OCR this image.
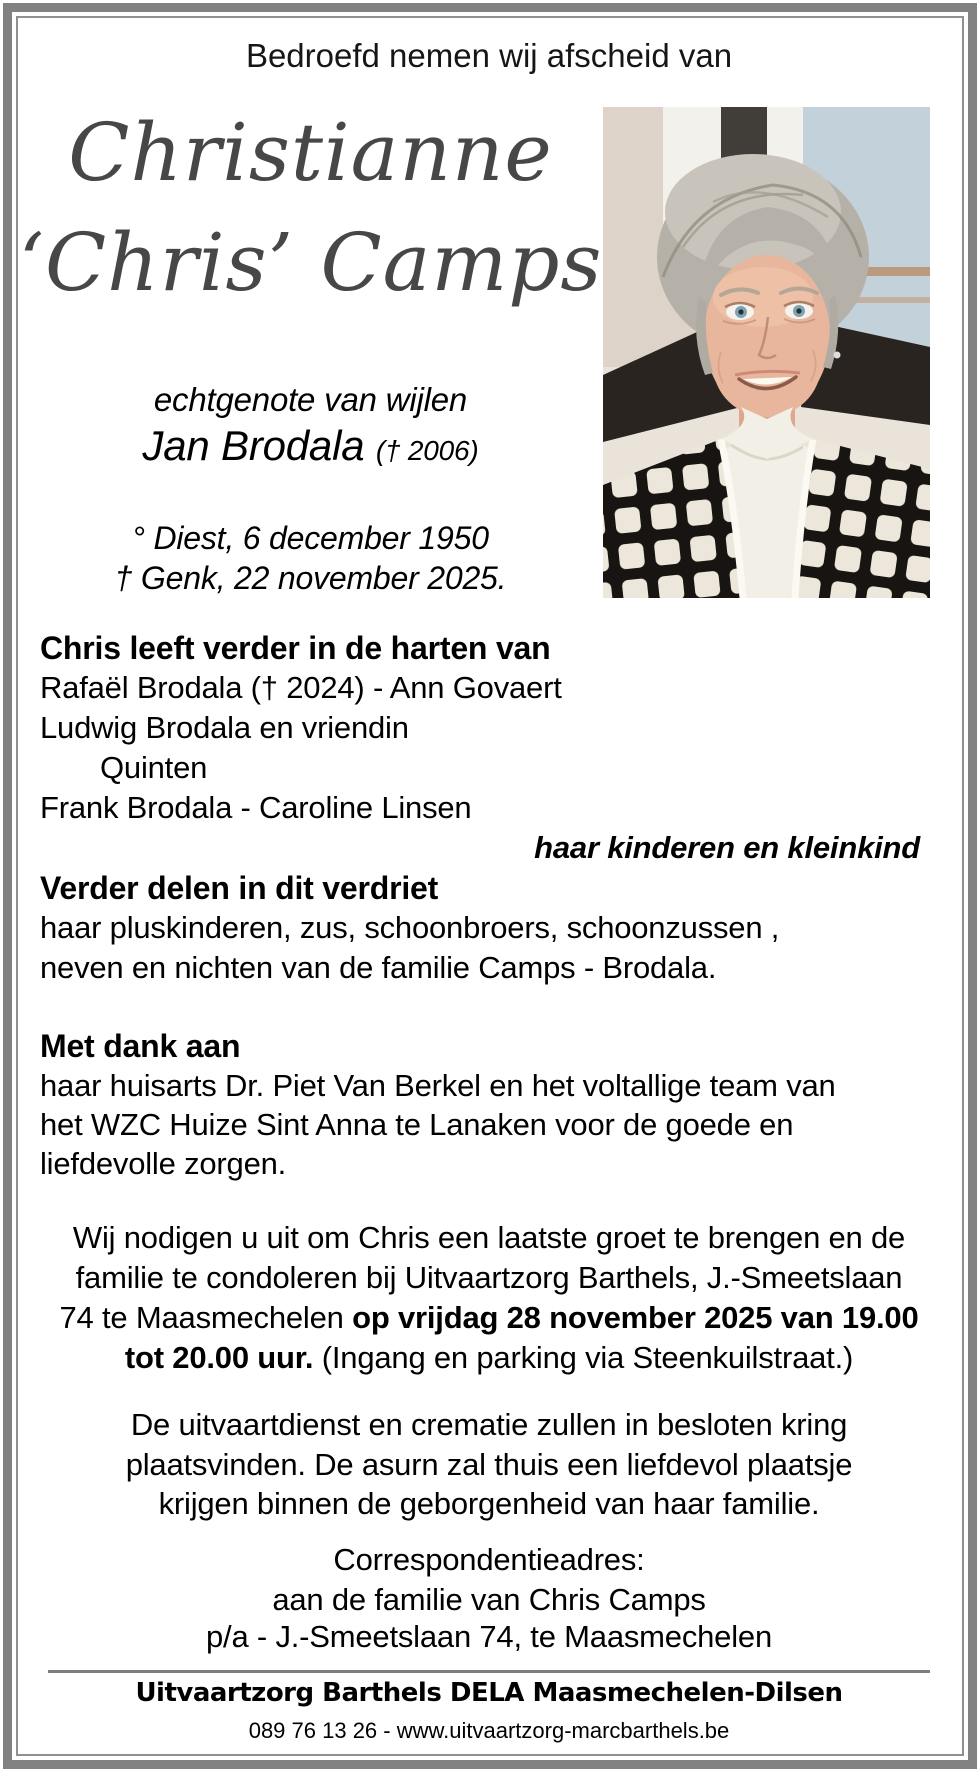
Bedroefd nemen wij afscheid van
Christianne
‘Chris’ Camps
echtgenote van wijlen
Jan Brodala († 2006)
° Diest, 6 december 1950
† Genk, 22 november 2025.
Chris leeft verder in de harten van
Rafaël Brodala († 2024) - Ann Govaert
Ludwig Brodala en vriendin
Quinten
Frank Brodala - Caroline Linsen
haar kinderen en kleinkind
Verder delen in dit verdriet
haar pluskinderen, zus, schoonbroers, schoonzussen ,
neven en nichten van de familie Camps - Brodala.
Met dank aan
haar huisarts Dr. Piet Van Berkel en het voltallige team van
het WZC Huize Sint Anna te Lanaken voor de goede en
liefdevolle zorgen.
Wij nodigen u uit om Chris een laatste groet te brengen en de
familie te condoleren bij Uitvaartzorg Barthels, J.-Smeetslaan
74 te Maasmechelen op vrijdag 28 november 2025 van 19.00
tot 20.00 uur. (Ingang en parking via Steenkuilstraat.)
De uitvaartdienst en crematie zullen in besloten kring
plaatsvinden. De asurn zal thuis een liefdevol plaatsje
krijgen binnen de geborgenheid van haar familie.
Correspondentieadres:
aan de familie van Chris Camps
p/a - J.-Smeetslaan 74, te Maasmechelen
Uitvaartzorg Barthels DELA Maasmechelen-Dilsen
089 76 13 26 - www.uitvaartzorg-marcbarthels.be
